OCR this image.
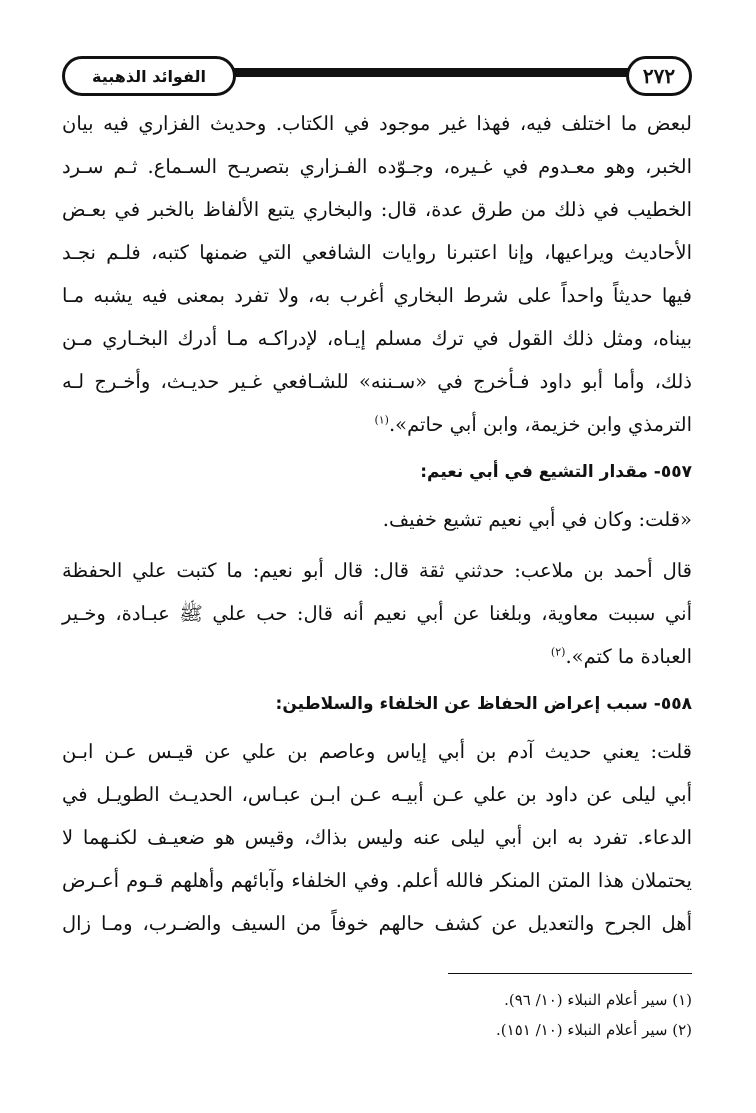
الفوائد الذهبية	٢٧٢
لبعض ما اختلف فيه، فهذا غير موجود في الكتاب. وحديث الفزاري فيه بيان
الخبر، وهو معـدوم في غـيره، وجـوّده الفـزاري بتصريـح السـماع. ثـم سـرد
الخطيب في ذلك من طرق عدة، قال: والبخاري يتبع الألفاظ بالخبر في بعـض
الأحاديث ويراعيها، وإنا اعتبرنا روايات الشافعي التي ضمنها كتبه، فلـم نجـد
فيها حديثاً واحداً على شرط البخاري أغرب به، ولا تفرد بمعنى فيه يشبه مـا
بيناه، ومثل ذلك القول في ترك مسلم إيـاه، لإدراكـه مـا أدرك البخـاري مـن
ذلك، وأما أبو داود فـأخرج في «سـننه» للشـافعي غـير حديـث، وأخـرج لـه
الترمذي وابن خزيمة، وابن أبي حاتم».$^{(١)}$
٥٥٧- مقدار التشيع في أبي نعيم:
«قلت: وكان في أبي نعيم تشيع خفيف.
قال أحمد بن ملاعب: حدثني ثقة قال: قال أبو نعيم: ما كتبت علي الحفظة
أني سببت معاوية، وبلغنا عن أبي نعيم أنه قال: حب علي ﷺ عبـادة، وخـير
العبادة ما كتم».$^{(٢)}$
٥٥٨- سبب إعراض الحفاظ عن الخلفاء والسلاطين:
قلت: يعني حديث آدم بن أبي إياس وعاصم بن علي عن قيـس عـن ابـن
أبي ليلى عن داود بن علي عـن أبيـه عـن ابـن عبـاس، الحديـث الطويـل في
الدعاء. تفرد به ابن أبي ليلى عنه وليس بذاك، وقيس هو ضعيـف لكنـهما لا
يحتملان هذا المتن المنكر فالله أعلم. وفي الخلفاء وآبائهم وأهلهم قـوم أعـرض
أهل الجرح والتعديل عن كشف حالهم خوفاً من السيف والضـرب، ومـا زال
(١) سير أعلام النبلاء (١٠/ ٩٦).
(٢) سير أعلام النبلاء (١٠/ ١٥١).
